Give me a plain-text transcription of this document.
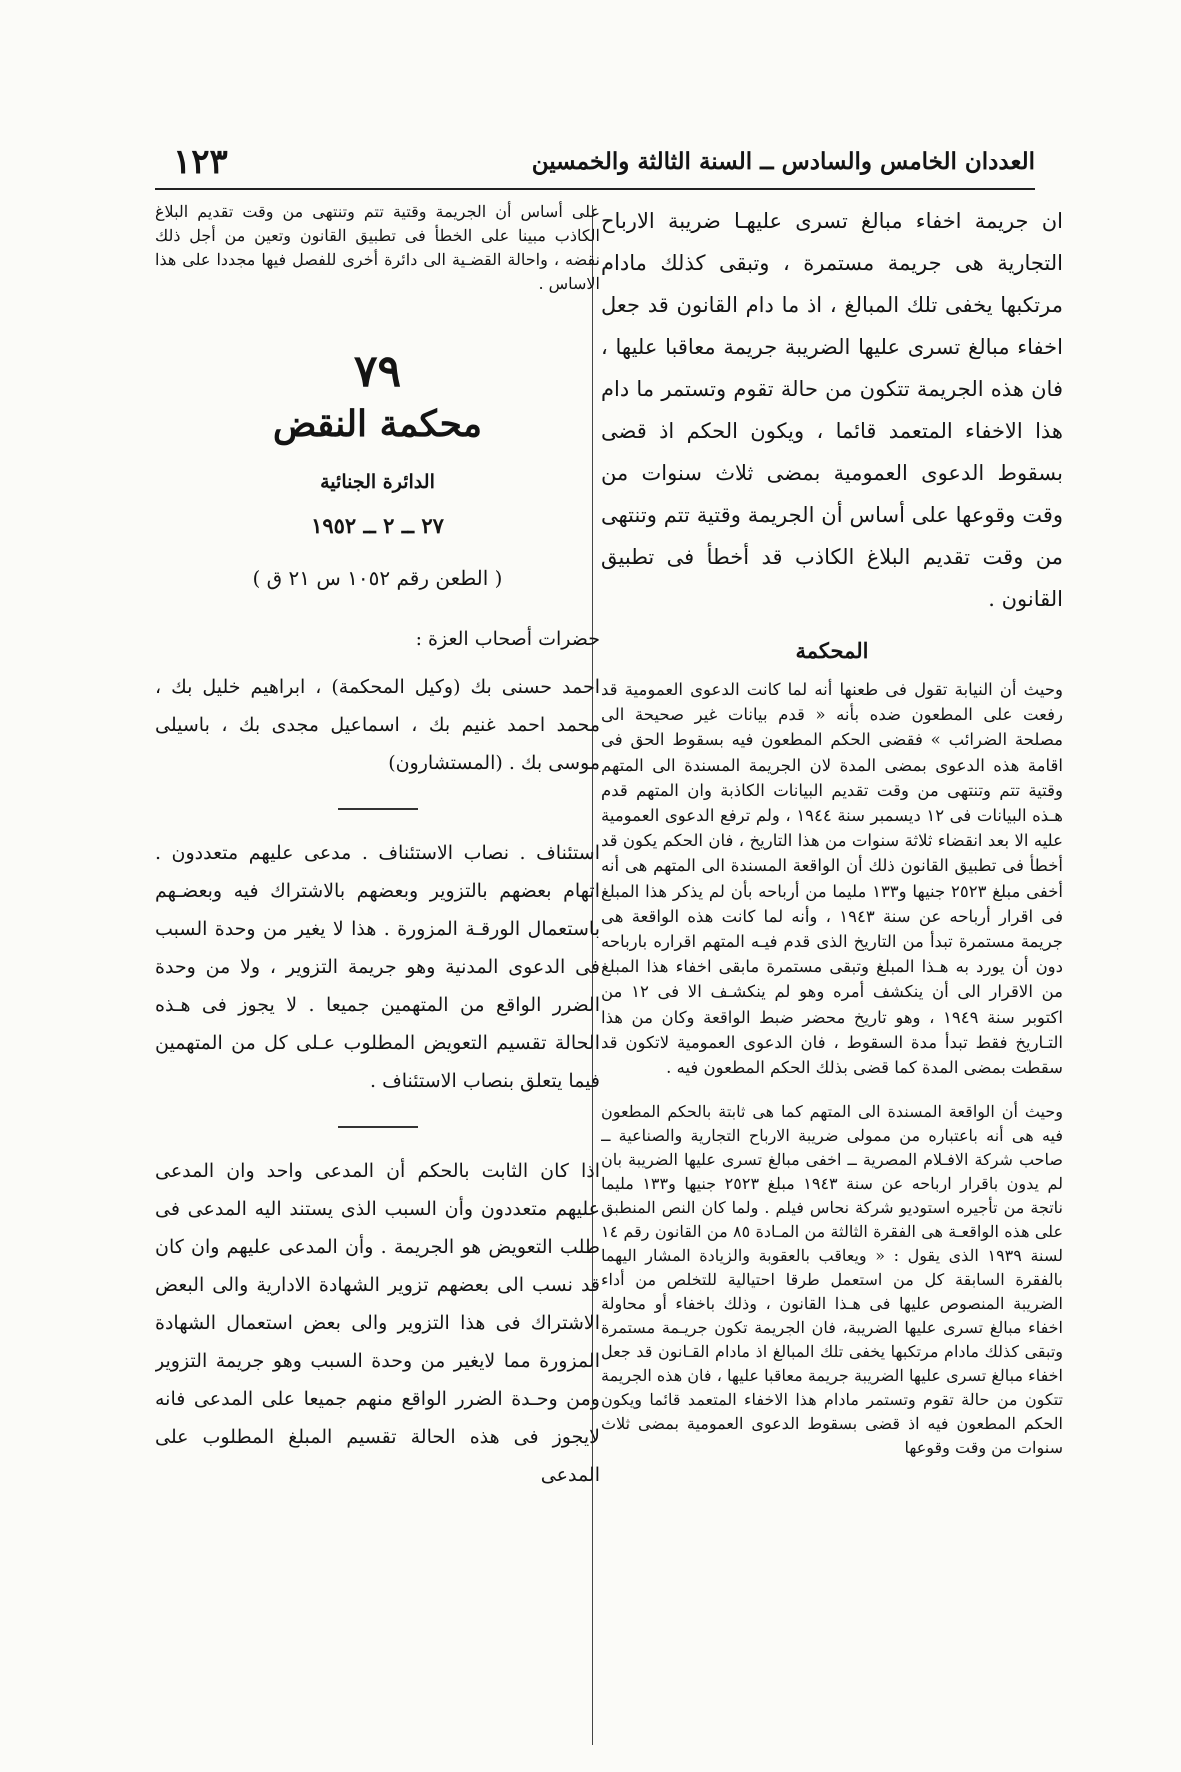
العددان الخامس والسادس ــ السنة الثالثة والخمسين
١٢٣

ان جريمة اخفاء مبالغ تسرى عليهـا ضريبة الارباح التجارية هى جريمة مستمرة ، وتبقى كذلك مادام مرتكبها يخفى تلك المبالغ ، اذ ما دام القانون قد جعل اخفاء مبالغ تسرى عليها الضريبة جريمة معاقبا عليها ، فان هذه الجريمة تتكون من حالة تقوم وتستمر ما دام هذا الاخفاء المتعمد قائما ، ويكون الحكم اذ قضى بسقوط الدعوى العمومية بمضى ثلاث سنوات من وقت وقوعها على أساس أن الجريمة وقتية تتم وتنتهى من وقت تقديم البلاغ الكاذب قد أخطأ فى تطبيق القانون .

المحكمة

وحيث أن النيابة تقول فى طعنها أنه لما كانت الدعوى العمومية قد رفعت على المطعون ضده بأنه « قدم بيانات غير صحيحة الى مصلحة الضرائب » فقضى الحكم المطعون فيه بسقوط الحق فى اقامة هذه الدعوى بمضى المدة لان الجريمة المسندة الى المتهم وقتية تتم وتنتهى من وقت تقديم البيانات الكاذبة وان المتهم قدم هـذه البيانات فى ١٢ ديسمبر سنة ١٩٤٤ ، ولم ترفع الدعوى العمومية عليه الا بعد انقضاء ثلاثة سنوات من هذا التاريخ ، فان الحكم يكون قد أخطأ فى تطبيق القانون ذلك أن الواقعة المسندة الى المتهم هى أنه أخفى مبلغ ٢٥٢٣ جنيها و١٣٣ مليما من أرباحه بأن لم يذكر هذا المبلغ فى اقرار أرباحه عن سنة ١٩٤٣ ، وأنه لما كانت هذه الواقعة هى جريمة مستمرة تبدأ من التاريخ الذى قدم فيـه المتهم اقراره بارباحه دون أن يورد به هـذا المبلغ وتبقى مستمرة مابقى اخفاء هذا المبلغ من الاقرار الى أن ينكشف أمره وهو لم ينكشـف الا فى ١٢ من اكتوبر سنة ١٩٤٩ ، وهو تاريخ محضر ضبط الواقعة وكان من هذا التـاريخ فقط تبدأ مدة السقوط ، فان الدعوى العمومية لاتكون قد سقطت بمضى المدة كما قضى بذلك الحكم المطعون فيه .

وحيث أن الواقعة المسندة الى المتهم كما هى ثابتة بالحكم المطعون فيه هى أنه باعتباره من ممولى ضريبة الارباح التجارية والصناعية ــ صاحب شركة الافـلام المصرية ــ اخفى مبالغ تسرى عليها الضريبة بان لم يدون باقرار ارباحه عن سنة ١٩٤٣ مبلغ ٢٥٢٣ جنيها و١٣٣ مليما ناتجة من تأجيره استوديو شركة نحاس فيلم . ولما كان النص المنطبق على هذه الواقعـة هى الفقرة الثالثة من المـادة ٨٥ من القانون رقم ١٤ لسنة ١٩٣٩ الذى يقول : « ويعاقب بالعقوبة والزيادة المشار اليهما بالفقرة السابقة كل من استعمل طرقا احتيالية للتخلص من أداء الضريبة المنصوص عليها فى هـذا القانون ، وذلك باخفاء أو محاولة اخفاء مبالغ تسرى عليها الضريبة، فان الجريمة تكون جريـمة مستمرة وتبقى كذلك مادام مرتكبها يخفى تلك المبالغ اذ مادام القـانون قد جعل اخفاء مبالغ تسرى عليها الضريبة جريمة معاقبا عليها ، فان هذه الجريمة تتكون من حالة تقوم وتستمر مادام هذا الاخفاء المتعمد قائما ويكون الحكم المطعون فيه اذ قضى بسقوط الدعوى العمومية بمضى ثلاث سنوات من وقت وقوعها

على أساس أن الجريمة وقتية تتم وتنتهى من وقت تقديم البلاغ الكاذب مبينا على الخطأ فى تطبيق القانون وتعين من أجل ذلك نقضه ، واحالة القضـية الى دائرة أخرى للفصل فيها مجددا على هذا الاساس .

٧٩
محكمة النقض
الدائرة الجنائية
٢٧ ــ ٢ ــ ١٩٥٢
( الطعن رقم ١٠٥٢ س ٢١ ق )
حضرات أصحاب العزة :

احمد حسنى بك (وكيل المحكمة) ، ابراهيم خليل بك ، محمد احمد غنيم بك ، اسماعيل مجدى بك ، باسيلى موسى بك . (المستشارون)

استئناف . نصاب الاستئناف . مدعى عليهم متعددون . اتهام بعضهم بالتزوير وبعضهم بالاشتراك فيه وبعضـهم باستعمال الورقـة المزورة . هذا لا يغير من وحدة السبب فى الدعوى المدنية وهو جريمة التزوير ، ولا من وحدة الضرر الواقع من المتهمين جميعا . لا يجوز فى هـذه الحالة تقسيم التعويض المطلوب عـلى كل من المتهمين فيما يتعلق بنصاب الاستئناف .

اذا كان الثابت بالحكم أن المدعى واحد وان المدعى عليهم متعددون وأن السبب الذى يستند اليه المدعى فى طلب التعويض هو الجريمة . وأن المدعى عليهم وان كان قد نسب الى بعضهم تزوير الشهادة الادارية والى البعض الاشتراك فى هذا التزوير والى بعض استعمال الشهادة المزورة مما لايغير من وحدة السبب وهو جريمة التزوير ومن وحـدة الضرر الواقع منهم جميعا على المدعى فانه لايجوز فى هذه الحالة تقسيم المبلغ المطلوب على المدعى
